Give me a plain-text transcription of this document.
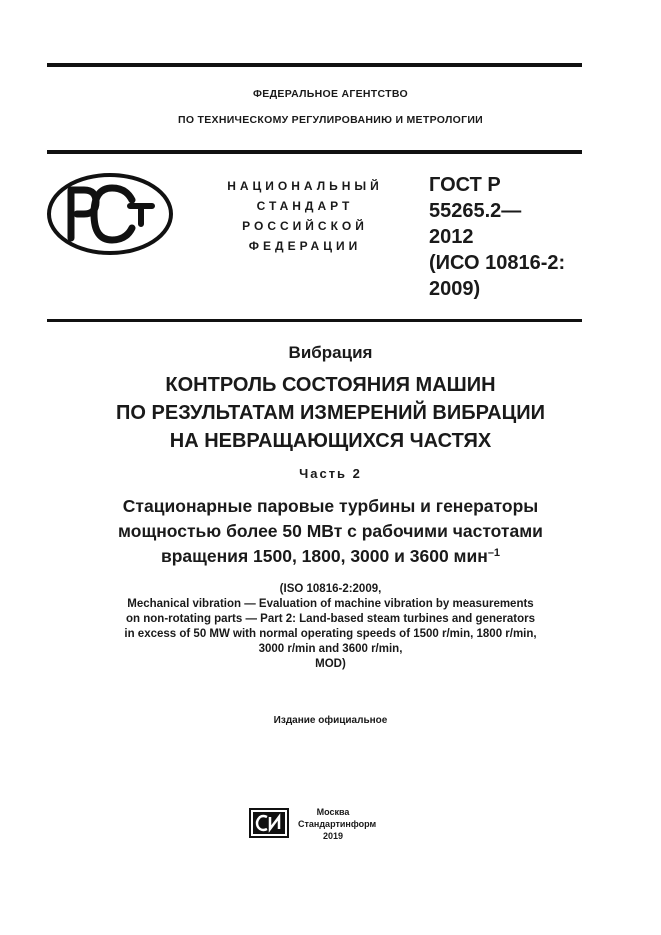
ФЕДЕРАЛЬНОЕ АГЕНТСТВО
ПО ТЕХНИЧЕСКОМУ РЕГУЛИРОВАНИЮ И МЕТРОЛОГИИ
НАЦИОНАЛЬНЫЙ
СТАНДАРТ
РОССИЙСКОЙ
ФЕДЕРАЦИИ
ГОСТ Р
55265.2—
2012
(ИСО 10816-2:
2009)
Вибрация
КОНТРОЛЬ СОСТОЯНИЯ МАШИН
ПО РЕЗУЛЬТАТАМ ИЗМЕРЕНИЙ ВИБРАЦИИ
НА НЕВРАЩАЮЩИХСЯ ЧАСТЯХ
Часть 2
Стационарные паровые турбины и генераторы
мощностью более 50 МВт с рабочими частотами
вращения 1500, 1800, 3000 и 3600 мин$^{-1}$
(ISO 10816-2:2009,
Mechanical vibration — Evaluation of machine vibration by measurements
on non-rotating parts — Part 2: Land-based steam turbines and generators
in excess of 50 MW with normal operating speeds of 1500 r/min, 1800 r/min,
3000 r/min and 3600 r/min,
MOD)
Издание официальное
Москва
Стандартинформ
2019
